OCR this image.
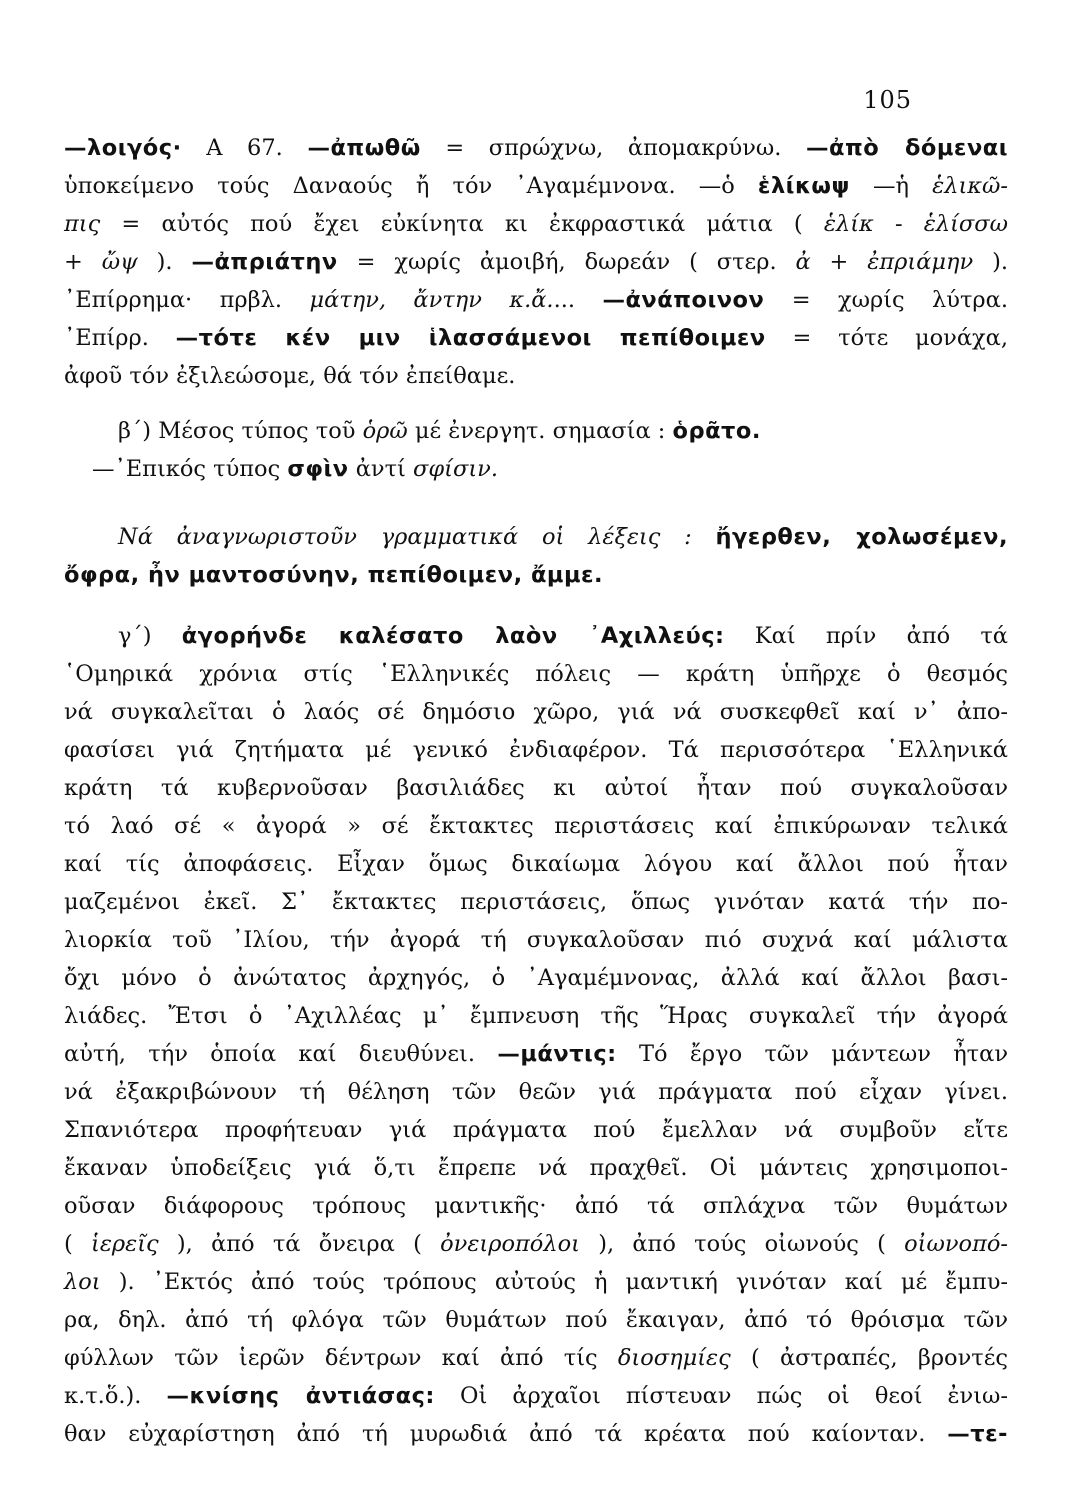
105
—λοιγός· Α 67. —ἀπωθῶ = σπρώχνω, ἀπομακρύνω. —ἀπὸ δόμεναι
ὑποκείμενο τούς Δαναούς ἤ τόν ᾿Αγαμέμνονα. —ὁ ἑλίκωψ —ἡ ἑλικῶ-
πις = αὐτός πού ἔχει εὐκίνητα κι ἐκφραστικά μάτια ( ἑλίκ - ἑλίσσω
+ ὤψ ). —ἀπριάτην = χωρίς ἀμοιβή, δωρεάν ( στερ. ἀ + ἐπριάμην ).
᾿Επίρρημα· πρβλ. μάτην, ἄντην κ.ἄ.... —ἀνάποινον = χωρίς λύτρα.
᾿Επίρρ. —τότε κέν μιν ἱλασσάμενοι πεπίθοιμεν = τότε μονάχα,
ἀφοῦ τόν ἐξιλεώσομε, θά τόν ἐπείθαμε.
β΄) Μέσος τύπος τοῦ ὁρῶ μέ ἐνεργητ. σημασία : ὁρᾶτο.
—᾿Επικός τύπος σφὶν ἀντί σφίσιν.
Νά ἀναγνωριστοῦν γραμματικά οἱ λέξεις : ἤγερθεν, χολωσέμεν,
ὄφρα, ἦν μαντοσύνην, πεπίθοιμεν, ἄμμε.
γ΄) ἀγορήνδε καλέσατο λαὸν ᾿Αχιλλεύς: Καί πρίν ἀπό τά
῾Ομηρικά χρόνια στίς ῾Ελληνικές πόλεις — κράτη ὑπῆρχε ὁ θεσμός
νά συγκαλεῖται ὁ λαός σέ δημόσιο χῶρο, γιά νά συσκεφθεῖ καί ν᾿ ἀπο-
φασίσει γιά ζητήματα μέ γενικό ἐνδιαφέρον. Τά περισσότερα ῾Ελληνικά
κράτη τά κυβερνοῦσαν βασιλιάδες κι αὐτοί ἦταν πού συγκαλοῦσαν
τό λαό σέ « ἀγορά » σέ ἔκτακτες περιστάσεις καί ἐπικύρωναν τελικά
καί τίς ἀποφάσεις. Εἶχαν ὅμως δικαίωμα λόγου καί ἄλλοι πού ἦταν
μαζεμένοι ἐκεῖ. Σ᾿ ἔκτακτες περιστάσεις, ὅπως γινόταν κατά τήν πο-
λιορκία τοῦ ᾿Ιλίου, τήν ἀγορά τή συγκαλοῦσαν πιό συχνά καί μάλιστα
ὄχι μόνο ὁ ἀνώτατος ἀρχηγός, ὁ ᾿Αγαμέμνονας, ἀλλά καί ἄλλοι βασι-
λιάδες. Ἔτσι ὁ ᾿Αχιλλέας μ᾿ ἔμπνευση τῆς Ἥρας συγκαλεῖ τήν ἀγορά
αὐτή, τήν ὁποία καί διευθύνει. —μάντις: Τό ἔργο τῶν μάντεων ἦταν
νά ἐξακριβώνουν τή θέληση τῶν θεῶν γιά πράγματα πού εἶχαν γίνει.
Σπανιότερα προφήτευαν γιά πράγματα πού ἔμελλαν νά συμβοῦν εἴτε
ἔκαναν ὑποδείξεις γιά ὅ,τι ἔπρεπε νά πραχθεῖ. Οἱ μάντεις χρησιμοποι-
οῦσαν διάφορους τρόπους μαντικῆς· ἀπό τά σπλάχνα τῶν θυμάτων
( ἱερεῖς ), ἀπό τά ὄνειρα ( ὀνειροπόλοι ), ἀπό τούς οἰωνούς ( οἰωνοπό-
λοι ). ᾿Εκτός ἀπό τούς τρόπους αὐτούς ἡ μαντική γινόταν καί μέ ἔμπυ-
ρα, δηλ. ἀπό τή φλόγα τῶν θυμάτων πού ἔκαιγαν, ἀπό τό θρόισμα τῶν
φύλλων τῶν ἱερῶν δέντρων καί ἀπό τίς διοσημίες ( ἀστραπές, βροντές
κ.τ.ὅ.). —κνίσης ἀντιάσας: Οἱ ἀρχαῖοι πίστευαν πώς οἱ θεοί ἐνιω-
θαν εὐχαρίστηση ἀπό τή μυρωδιά ἀπό τά κρέατα πού καίονταν. —τε-
